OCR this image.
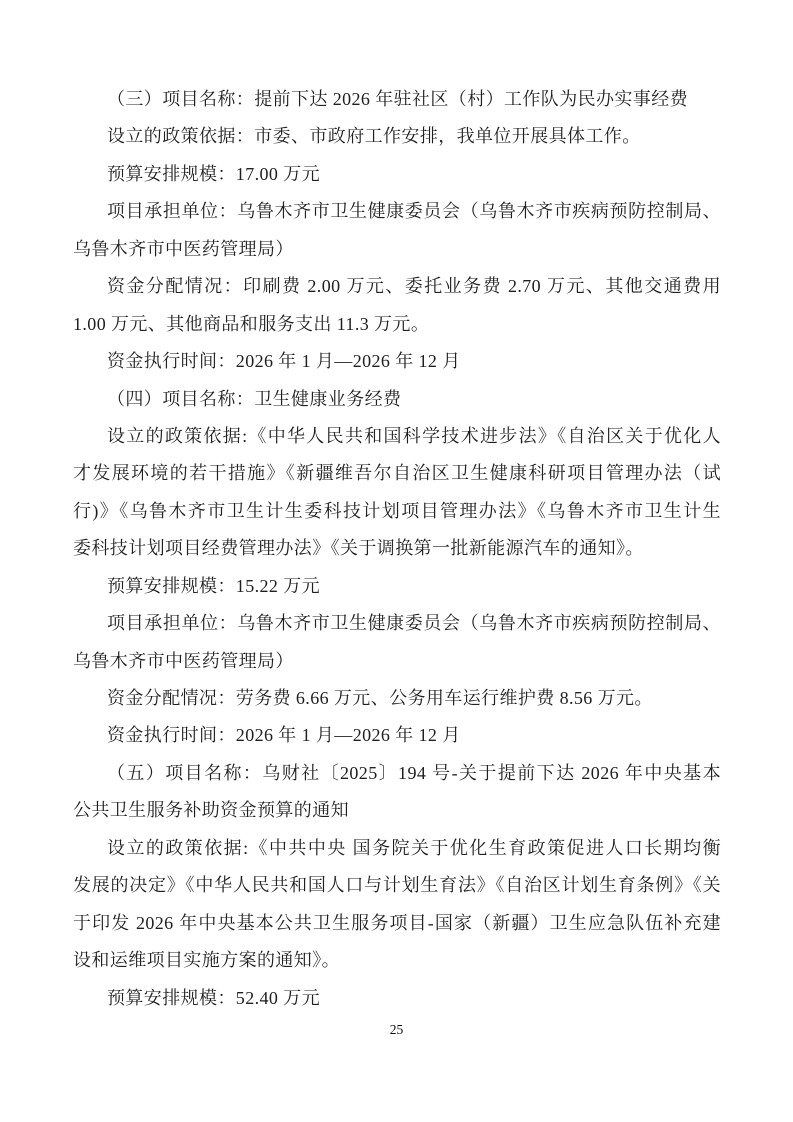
（三）项目名称：提前下达 2026 年驻社区（村）工作队为民办实事经费
设立的政策依据：市委、市政府工作安排，我单位开展具体工作。
预算安排规模：17.00 万元
项目承担单位：乌鲁木齐市卫生健康委员会（乌鲁木齐市疾病预防控制局、
乌鲁木齐市中医药管理局）
资金分配情况：印刷费 2.00 万元、委托业务费 2.70 万元、其他交通费用
1.00 万元、其他商品和服务支出 11.3 万元。
资金执行时间：2026 年 1 月—2026 年 12 月
（四）项目名称：卫生健康业务经费
设立的政策依据:《中华人民共和国科学技术进步法》《自治区关于优化人
才发展环境的若干措施》《新疆维吾尔自治区卫生健康科研项目管理办法（试
行)》《乌鲁木齐市卫生计生委科技计划项目管理办法》《乌鲁木齐市卫生计生
委科技计划项目经费管理办法》《关于调换第一批新能源汽车的通知》。
预算安排规模：15.22 万元
项目承担单位：乌鲁木齐市卫生健康委员会（乌鲁木齐市疾病预防控制局、
乌鲁木齐市中医药管理局）
资金分配情况：劳务费 6.66 万元、公务用车运行维护费 8.56 万元。
资金执行时间：2026 年 1 月—2026 年 12 月
（五）项目名称：乌财社〔2025〕194 号-关于提前下达 2026 年中央基本
公共卫生服务补助资金预算的通知
设立的政策依据:《中共中央 国务院关于优化生育政策促进人口长期均衡
发展的决定》《中华人民共和国人口与计划生育法》《自治区计划生育条例》《关
于印发 2026 年中央基本公共卫生服务项目-国家（新疆）卫生应急队伍补充建
设和运维项目实施方案的通知》。
预算安排规模：52.40 万元
25
